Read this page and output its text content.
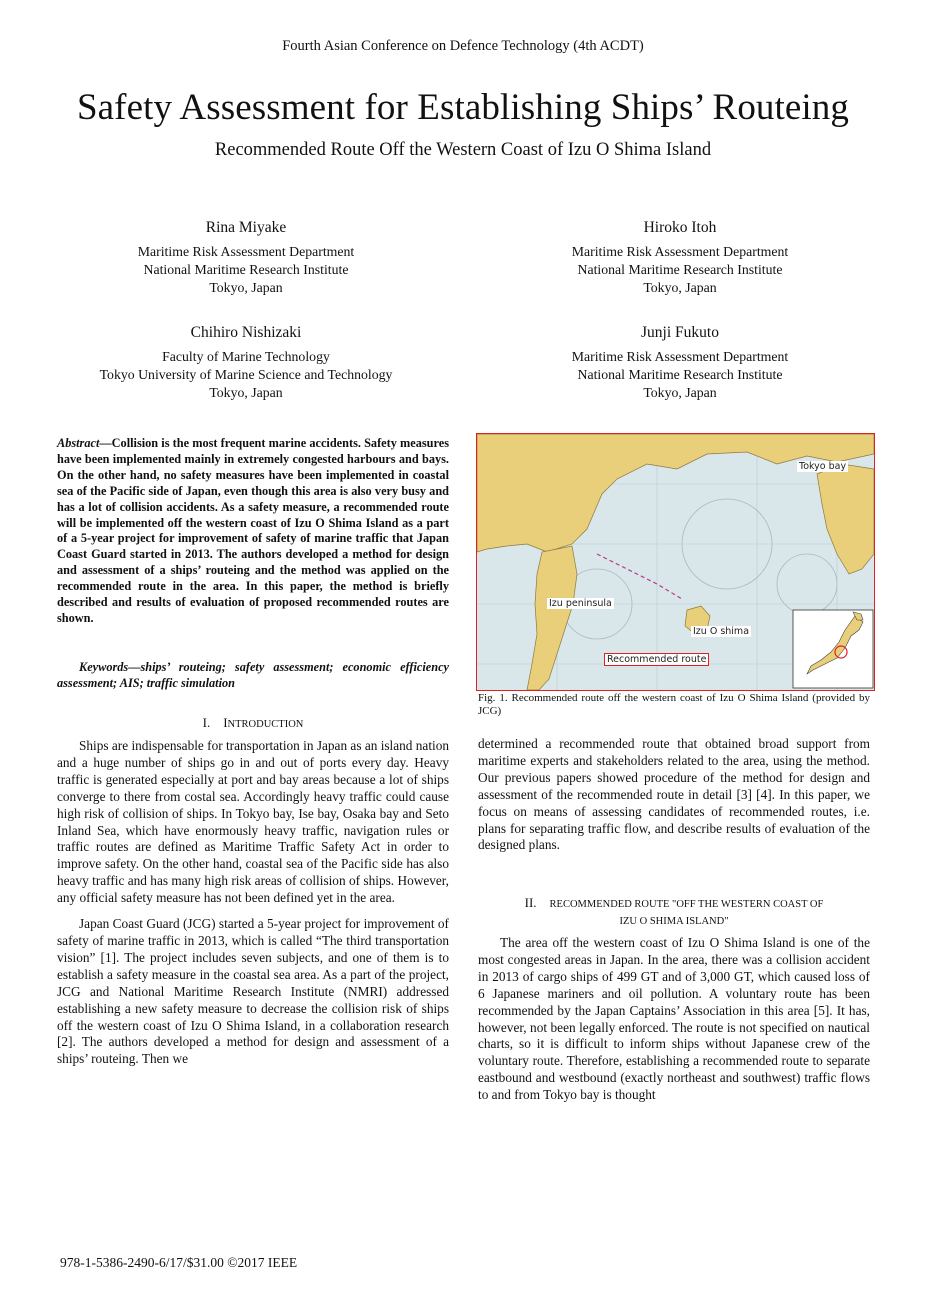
Fourth Asian Conference on Defence Technology (4th ACDT)
Safety Assessment for Establishing Ships’ Routeing
Recommended Route Off the Western Coast of Izu O Shima Island
Rina Miyake
Maritime Risk Assessment Department
National Maritime Research Institute
Tokyo, Japan
Hiroko Itoh
Maritime Risk Assessment Department
National Maritime Research Institute
Tokyo, Japan
Chihiro Nishizaki
Faculty of Marine Technology
Tokyo University of Marine Science and Technology
Tokyo, Japan
Junji Fukuto
Maritime Risk Assessment Department
National Maritime Research Institute
Tokyo, Japan
Abstract—Collision is the most frequent marine accidents. Safety measures have been implemented mainly in extremely congested harbours and bays. On the other hand, no safety measures have been implemented in coastal sea of the Pacific side of Japan, even though this area is also very busy and has a lot of collision accidents. As a safety measure, a recommended route will be implemented off the western coast of Izu O Shima Island as a part of a 5-year project for improvement of safety of marine traffic that Japan Coast Guard started in 2013. The authors developed a method for design and assessment of a ships’ routeing and the method was applied on the recommended route in the area. In this paper, the method is briefly described and results of evaluation of proposed recommended routes are shown.
Keywords—ships’ routeing; safety assessment; economic efficiency assessment; AIS; traffic simulation
I. INTRODUCTION

Ships are indispensable for transportation in Japan as an island nation and a huge number of ships go in and out of ports every day. Heavy traffic is generated especially at port and bay areas because a lot of ships converge to there from costal sea. Accordingly heavy traffic could cause high risk of collision of ships. In Tokyo bay, Ise bay, Osaka bay and Seto Inland Sea, which have enormously heavy traffic, navigation rules or traffic routes are defined as Maritime Traffic Safety Act in order to improve safety. On the other hand, coastal sea of the Pacific side has also heavy traffic and has many high risk areas of collision of ships. However, any official safety measure has not been defined yet in the area.

Japan Coast Guard (JCG) started a 5-year project for improvement of safety of marine traffic in 2013, which is called “The third transportation vision” [1]. The project includes seven subjects, and one of them is to establish a safety measure in the coastal sea area. As a part of the project, JCG and National Maritime Research Institute (NMRI) addressed establishing a new safety measure to decrease the collision risk of ships off the western coast of Izu O Shima Island, in a collaboration research [2]. The authors developed a method for design and assessment of a ships’ routeing. Then we

Tokyo bay
Izu peninsula
Izu O shima
Recommended route
Fig. 1. Recommended route off the western coast of Izu O Shima Island (provided by JCG)

determined a recommended route that obtained broad support from maritime experts and stakeholders related to the area, using the method. Our previous papers showed procedure of the method for design and assessment of the recommended route in detail [3] [4]. In this paper, we focus on means of assessing candidates of recommended routes, i.e. plans for separating traffic flow, and describe results of evaluation of the designed plans.

II. RECOMMENDED ROUTE "OFF THE WESTERN COAST OF
IZU O SHIMA ISLAND"

The area off the western coast of Izu O Shima Island is one of the most congested areas in Japan. In the area, there was a collision accident in 2013 of cargo ships of 499 GT and of 3,000 GT, which caused loss of 6 Japanese mariners and oil pollution. A voluntary route has been recommended by the Japan Captains’ Association in this area [5]. It has, however, not been legally enforced. The route is not specified on nautical charts, so it is difficult to inform ships without Japanese crew of the voluntary route. Therefore, establishing a recommended route to separate eastbound and westbound (exactly northeast and southwest) traffic flows to and from Tokyo bay is thought

978-1-5386-2490-6/17/$31.00 ©2017 IEEE
